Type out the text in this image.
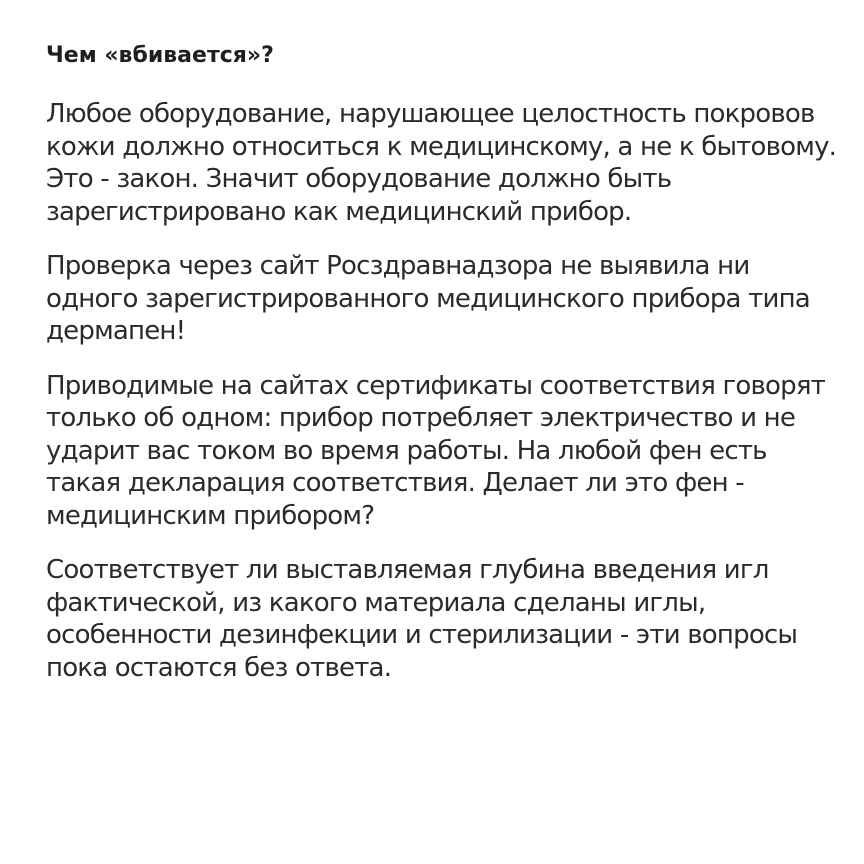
Чем «вбивается»?

Любое оборудование, нарушающее целостность покровов кожи должно относиться к медицинскому, а не к бытовому. Это - закон. Значит оборудование должно быть зарегистрировано как медицинский прибор.

Проверка через сайт Росздравнадзора не выявила ни одного зарегистрированного медицинского прибора типа дермапен!

Приводимые на сайтах сертификаты соответствия говорят только об одном: прибор потребляет электричество и не ударит вас током во время работы. На любой фен есть такая декларация соответствия. Делает ли это фен - медицинским прибором?

Соответствует ли выставляемая глубина введения игл фактической, из какого материала сделаны иглы, особенности дезинфекции и стерилизации - эти вопросы пока остаются без ответа.
